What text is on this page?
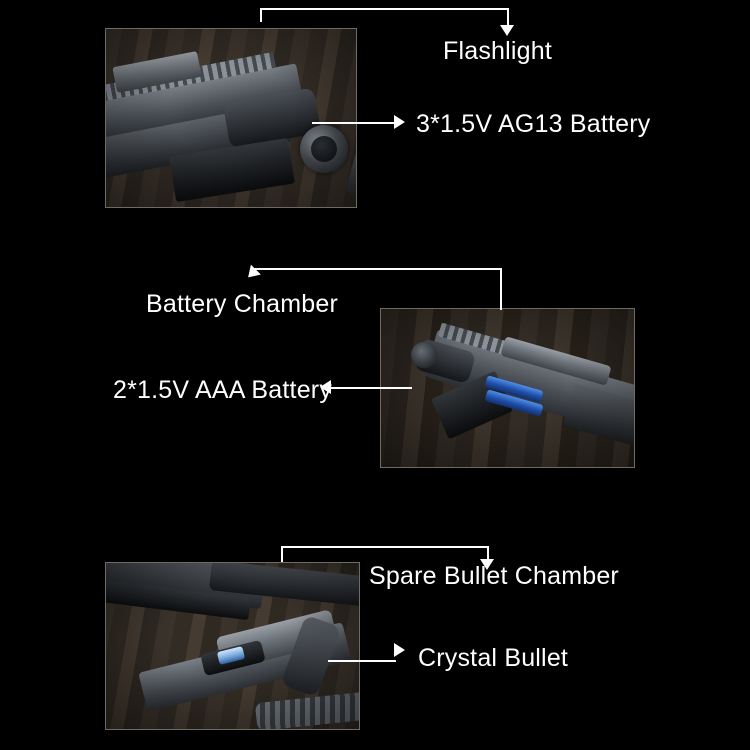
Flashlight
3*1.5V AG13 Battery
Battery Chamber
2*1.5V AAA Battery
Spare Bullet Chamber
Crystal Bullet
